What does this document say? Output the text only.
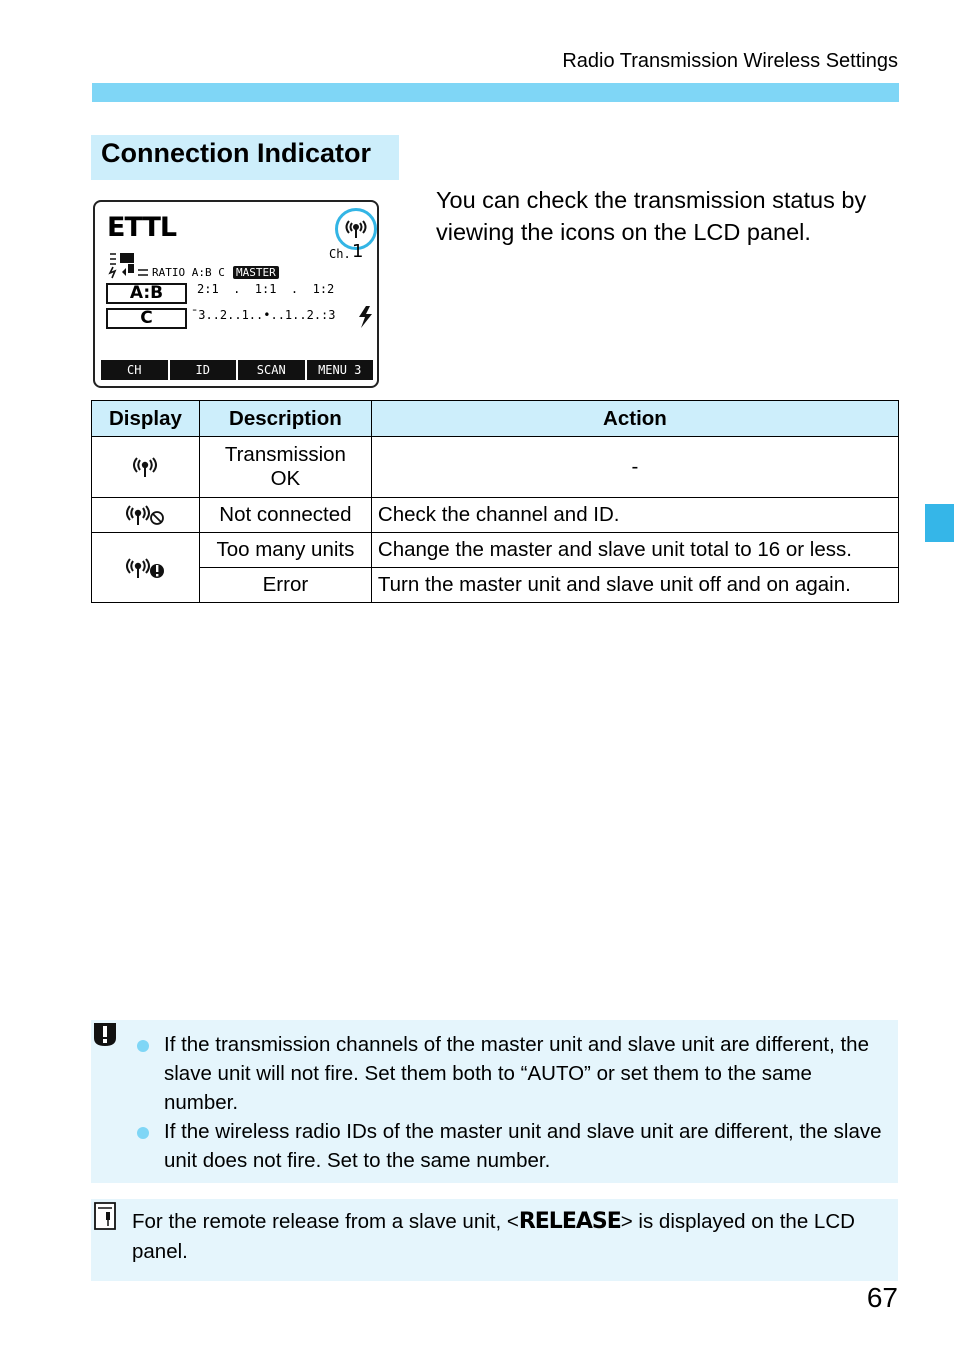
Radio Transmission Wireless Settings
Connection Indicator
ETTL
Ch. 1
RATIO A:B C MASTER
A:B
C
2:1  .  1:1  .  1:2
¯3..2..1..•..1..2.:3
CH	ID	SCAN	MENU 3

You can check the transmission status by viewing the icons on the LCD panel.

Display	Description	Action

	Transmission OK	-

	Not connected	Check the channel and ID.

	Too many units	Change the master and slave unit total to 16 or less.
	Error	Turn the master unit and slave unit off and on again.
If the transmission channels of the master unit and slave unit are different, the slave unit will not fire. Set them both to “AUTO” or set them to the same number.
If the wireless radio IDs of the master unit and slave unit are different, the slave unit does not fire. Set to the same number.

For the remote release from a slave unit, <RELEASE> is displayed on the LCD panel.

67
